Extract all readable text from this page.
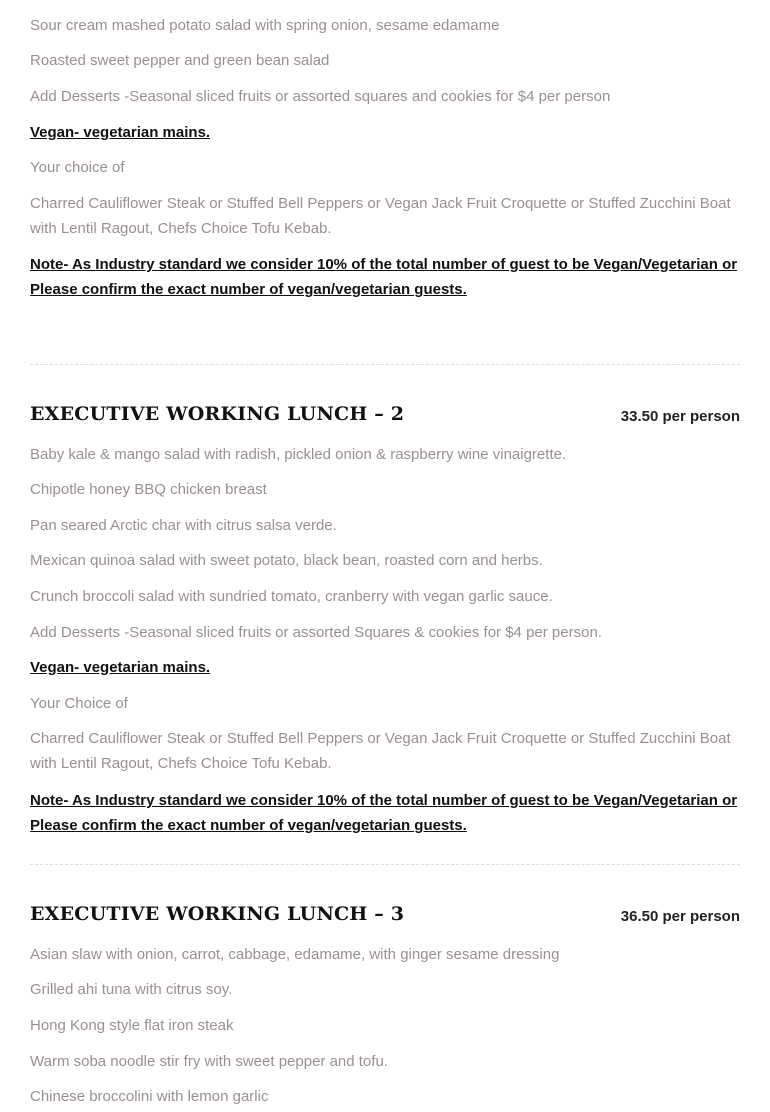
Sour cream mashed potato salad with spring onion, sesame edamame

Roasted sweet pepper and green bean salad

Add Desserts -Seasonal sliced fruits or assorted squares and cookies for $4 per person

Vegan- vegetarian mains.

Your choice of

Charred Cauliflower Steak or Stuffed Bell Peppers or Vegan Jack Fruit Croquette or Stuffed Zucchini Boat with Lentil Ragout, Chefs Choice Tofu Kebab.

Note- As Industry standard we consider 10% of the total number of guest to be Vegan/Vegetarian or Please confirm the exact number of vegan/vegetarian guests.

EXECUTIVE WORKING LUNCH – 2	33.50 per person

Baby kale & mango salad with radish, pickled onion & raspberry wine vinaigrette.

Chipotle honey BBQ chicken breast

Pan seared Arctic char with citrus salsa verde.

Mexican quinoa salad with sweet potato, black bean, roasted corn and herbs.

Crunch broccoli salad with sundried tomato, cranberry with vegan garlic sauce.

Add Desserts -Seasonal sliced fruits or assorted Squares & cookies for $4 per person.

Vegan- vegetarian mains.

Your Choice of

Charred Cauliflower Steak or Stuffed Bell Peppers or Vegan Jack Fruit Croquette or Stuffed Zucchini Boat with Lentil Ragout, Chefs Choice Tofu Kebab.

Note- As Industry standard we consider 10% of the total number of guest to be Vegan/Vegetarian or Please confirm the exact number of vegan/vegetarian guests.

EXECUTIVE WORKING LUNCH – 3	36.50 per person

Asian slaw with onion, carrot, cabbage, edamame, with ginger sesame dressing

Grilled ahi tuna with citrus soy.

Hong Kong style flat iron steak

Warm soba noodle stir fry with sweet pepper and tofu.

Chinese broccolini with lemon garlic
